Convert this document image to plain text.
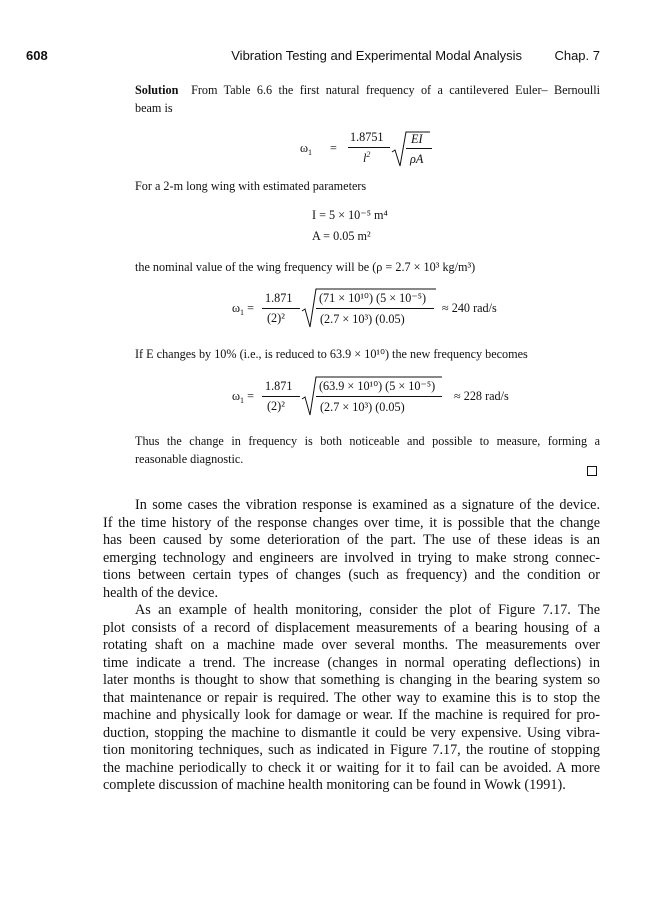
608	Vibration Testing and Experimental Modal Analysis Chap. 7
Solution From Table 6.6 the first natural frequency of a cantilevered Euler– Bernoulli
beam is
$\omega_1$ =
1.8751
$l^2$
EI
ρA
For a 2-m long wing with estimated parameters
I = 5 × 10⁻⁵ m⁴
A = 0.05 m²
the nominal value of the wing frequency will be (ρ = 2.7 × 10³ kg/m³)
$\omega_1$ =
1.871
(2)²
(71 × 10¹⁰) (5 × 10⁻⁵)
(2.7 × 10³) (0.05)
≈ 240 rad/s
If E changes by 10% (i.e., is reduced to 63.9 × 10¹⁰) the new frequency becomes
$\omega_1$ =
1.871
(2)²
(63.9 × 10¹⁰) (5 × 10⁻⁵)
(2.7 × 10³) (0.05)
≈ 228 rad/s
Thus the change in frequency is both noticeable and possible to measure, forming a
reasonable diagnostic.
In some cases the vibration response is examined as a signature of the device.
If the time history of the response changes over time, it is possible that the change
has been caused by some deterioration of the part. The use of these ideas is an
emerging technology and engineers are involved in trying to make strong connec-
tions between certain types of changes (such as frequency) and the condition or
health of the device.
As an example of health monitoring, consider the plot of Figure 7.17. The
plot consists of a record of displacement measurements of a bearing housing of a
rotating shaft on a machine made over several months. The measurements over
time indicate a trend. The increase (changes in normal operating deflections) in
later months is thought to show that something is changing in the bearing system so
that maintenance or repair is required. The other way to examine this is to stop the
machine and physically look for damage or wear. If the machine is required for pro-
duction, stopping the machine to dismantle it could be very expensive. Using vibra-
tion monitoring techniques, such as indicated in Figure 7.17, the routine of stopping
the machine periodically to check it or waiting for it to fail can be avoided. A more
complete discussion of machine health monitoring can be found in Wowk (1991).
